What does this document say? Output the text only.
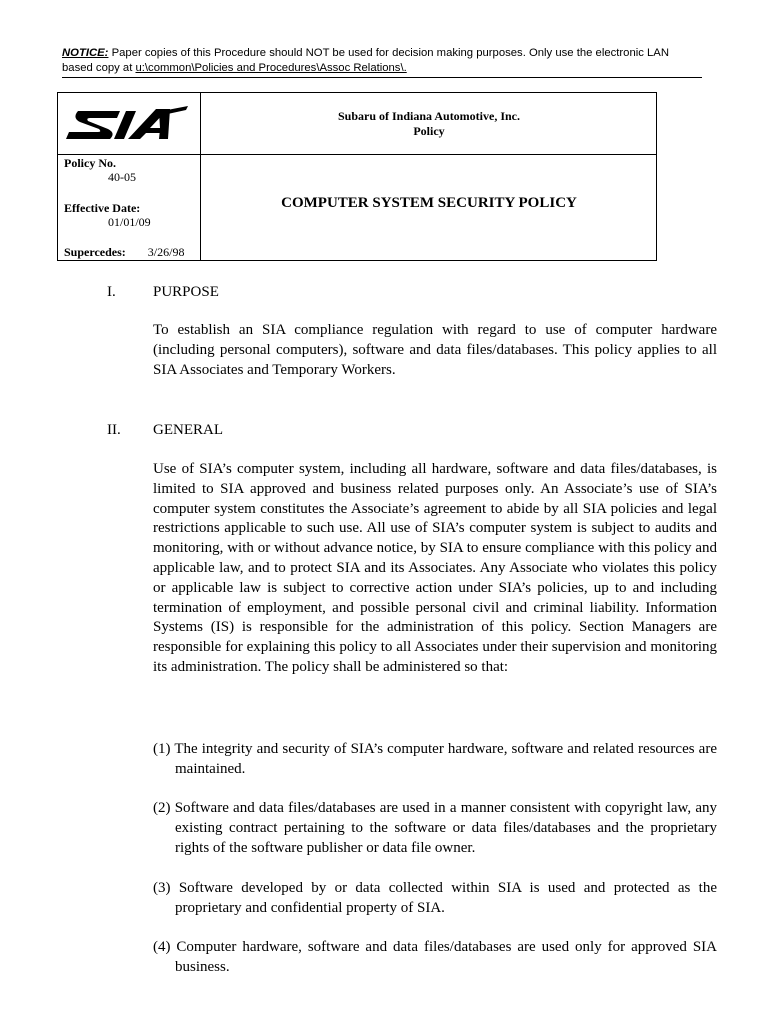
NOTICE: Paper copies of this Procedure should NOT be used for decision making purposes. Only use the electronic LAN based copy at u:\common\Policies and Procedures\Assoc Relations\.
Subaru of Indiana Automotive, Inc.
Policy
Policy No.
40-05
Effective Date:
01/01/09
Supercedes: 3/26/98
COMPUTER SYSTEM SECURITY POLICY
I. PURPOSE
To establish an SIA compliance regulation with regard to use of computer hardware (including personal computers), software and data files/databases. This policy applies to all SIA Associates and Temporary Workers.
II. GENERAL
Use of SIA’s computer system, including all hardware, software and data files/databases, is limited to SIA approved and business related purposes only. An Associate’s use of SIA’s computer system constitutes the Associate’s agreement to abide by all SIA policies and legal restrictions applicable to such use. All use of SIA’s computer system is subject to audits and monitoring, with or without advance notice, by SIA to ensure compliance with this policy and applicable law, and to protect SIA and its Associates. Any Associate who violates this policy or applicable law is subject to corrective action under SIA’s policies, up to and including termination of employment, and possible personal civil and criminal liability. Information Systems (IS) is responsible for the administration of this policy. Section Managers are responsible for explaining this policy to all Associates under their supervision and monitoring its administration. The policy shall be administered so that:
(1) The integrity and security of SIA’s computer hardware, software and related resources are maintained.
(2) Software and data files/databases are used in a manner consistent with copyright law, any existing contract pertaining to the software or data files/databases and the proprietary rights of the software publisher or data file owner.
(3) Software developed by or data collected within SIA is used and protected as the proprietary and confidential property of SIA.
(4) Computer hardware, software and data files/databases are used only for approved SIA business.
